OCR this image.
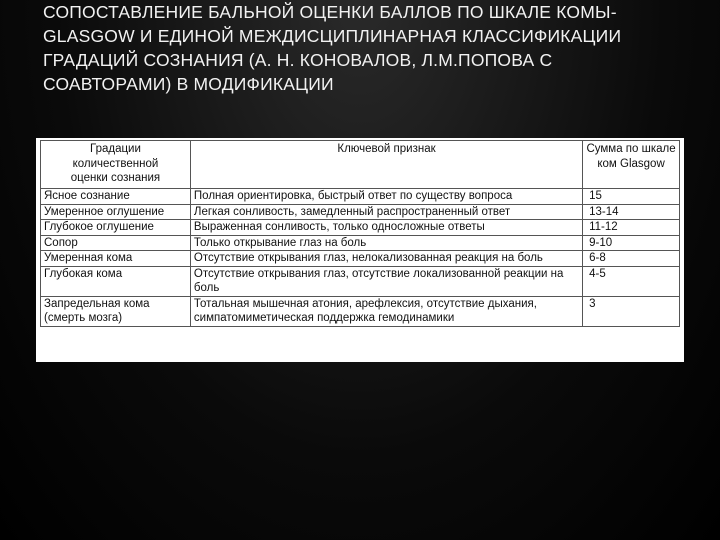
СОПОСТАВЛЕНИЕ БАЛЬНОЙ ОЦЕНКИ БАЛЛОВ ПО ШКАЛЕ КОМЫ- GLASGOW И ЕДИНОЙ МЕЖДИСЦИПЛИНАРНАЯ КЛАССИФИКАЦИИ ГРАДАЦИЙ СОЗНАНИЯ (А. Н. КОНОВАЛОВ, Л.М.ПОПОВА С СОАВТОРАМИ) В МОДИФИКАЦИИ
Градации количественной оценки сознания	Ключевой признак	Сумма по шкале ком Glasgow
Ясное сознание	Полная ориентировка, быстрый ответ по существу вопроса	15
Умеренное оглушение	Легкая сонливость, замедленный распространенный ответ	13-14
Глубокое оглушение	Выраженная сонливость, только односложные ответы	11-12
Сопор	Только открывание глаз на боль	9-10
Умеренная кома	Отсутствие открывания глаз, нелокализованная реакция на боль	6-8
Глубокая кома	Отсутствие открывания глаз, отсутствие локализованной реакции на боль	4-5
Запредельная кома (смерть мозга)	Тотальная мышечная атония, арефлексия, отсутствие дыхания, симпатомиметическая поддержка гемодинамики	3
